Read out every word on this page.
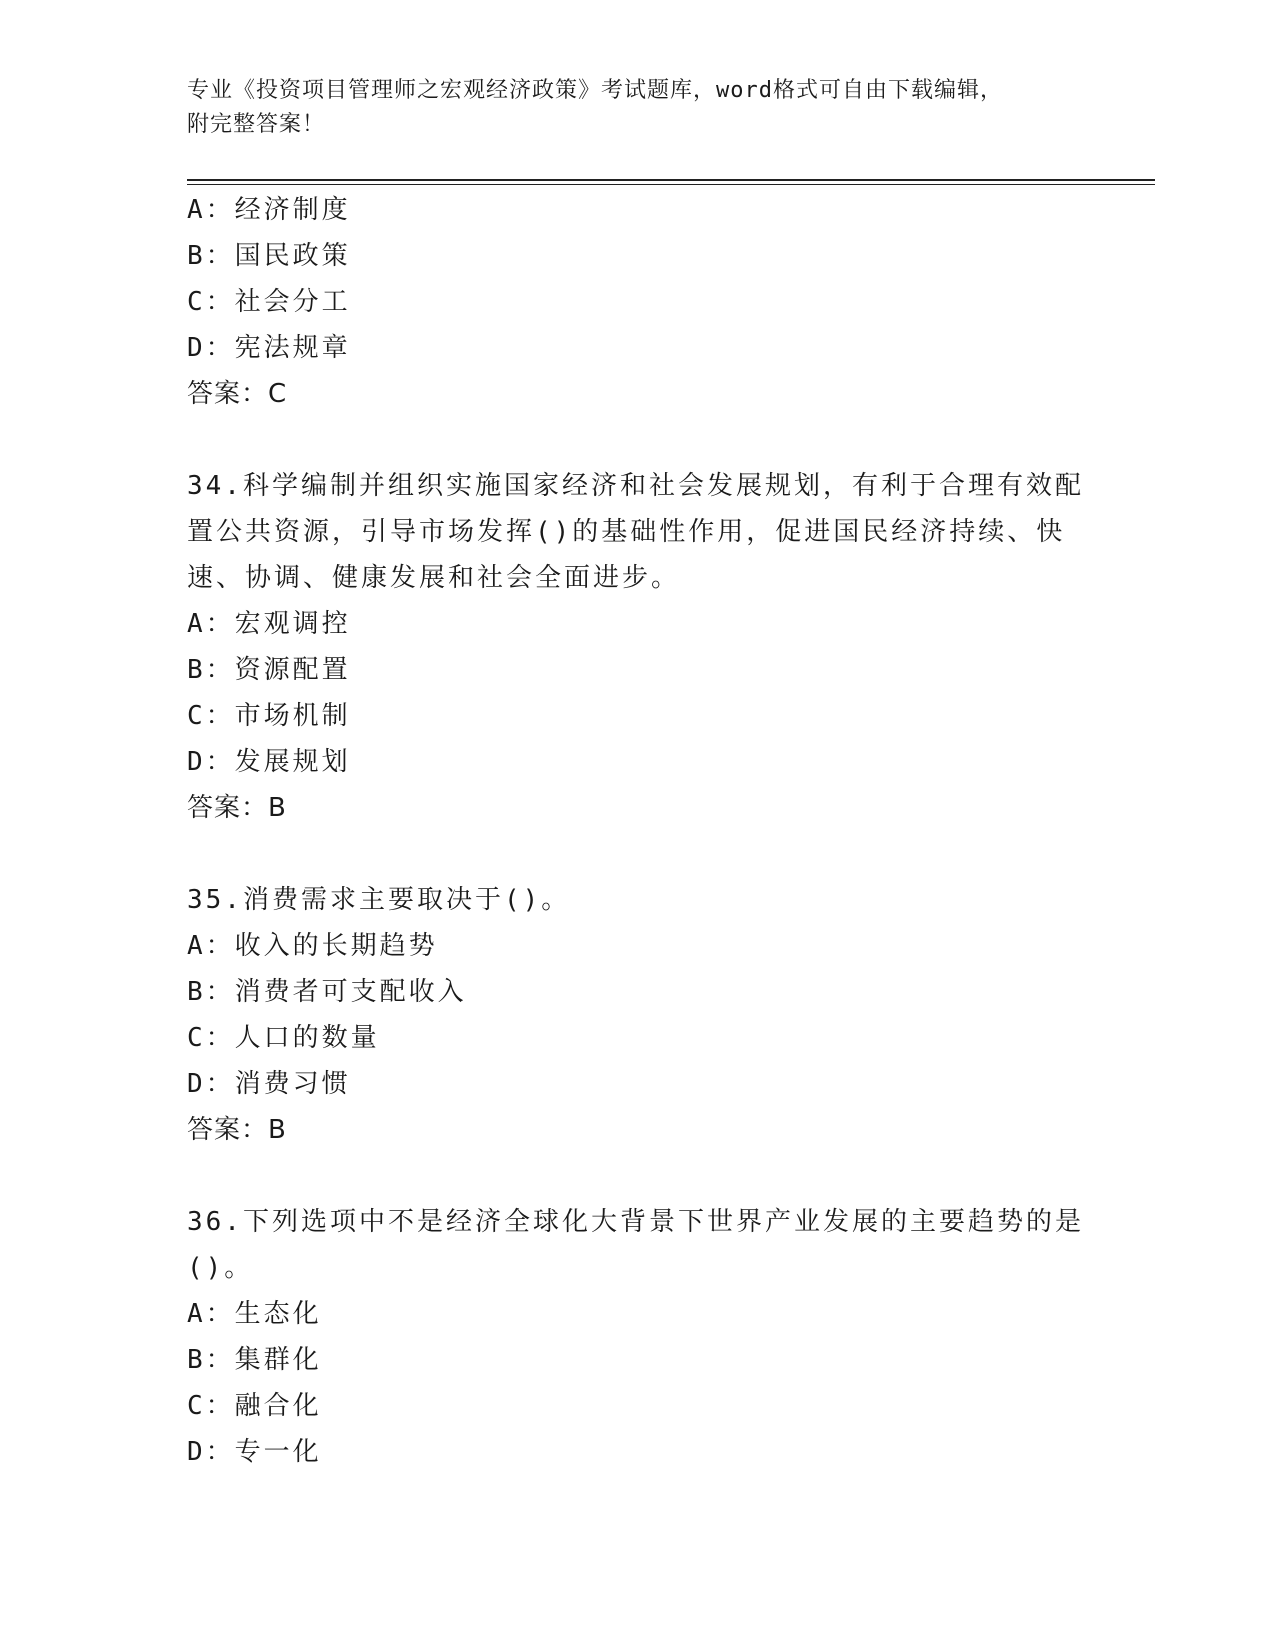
专业《投资项目管理师之宏观经济政策》考试题库，word格式可自由下载编辑，
附完整答案！
A：经济制度
B：国民政策
C：社会分工
D：宪法规章
答案：C
34.科学编制并组织实施国家经济和社会发展规划，有利于合理有效配
置公共资源，引导市场发挥()的基础性作用，促进国民经济持续、快
速、协调、健康发展和社会全面进步。
A：宏观调控
B：资源配置
C：市场机制
D：发展规划
答案：B
35.消费需求主要取决于()。
A：收入的长期趋势
B：消费者可支配收入
C：人口的数量
D：消费习惯
答案：B
36.下列选项中不是经济全球化大背景下世界产业发展的主要趋势的是
()。
A：生态化
B：集群化
C：融合化
D：专一化
